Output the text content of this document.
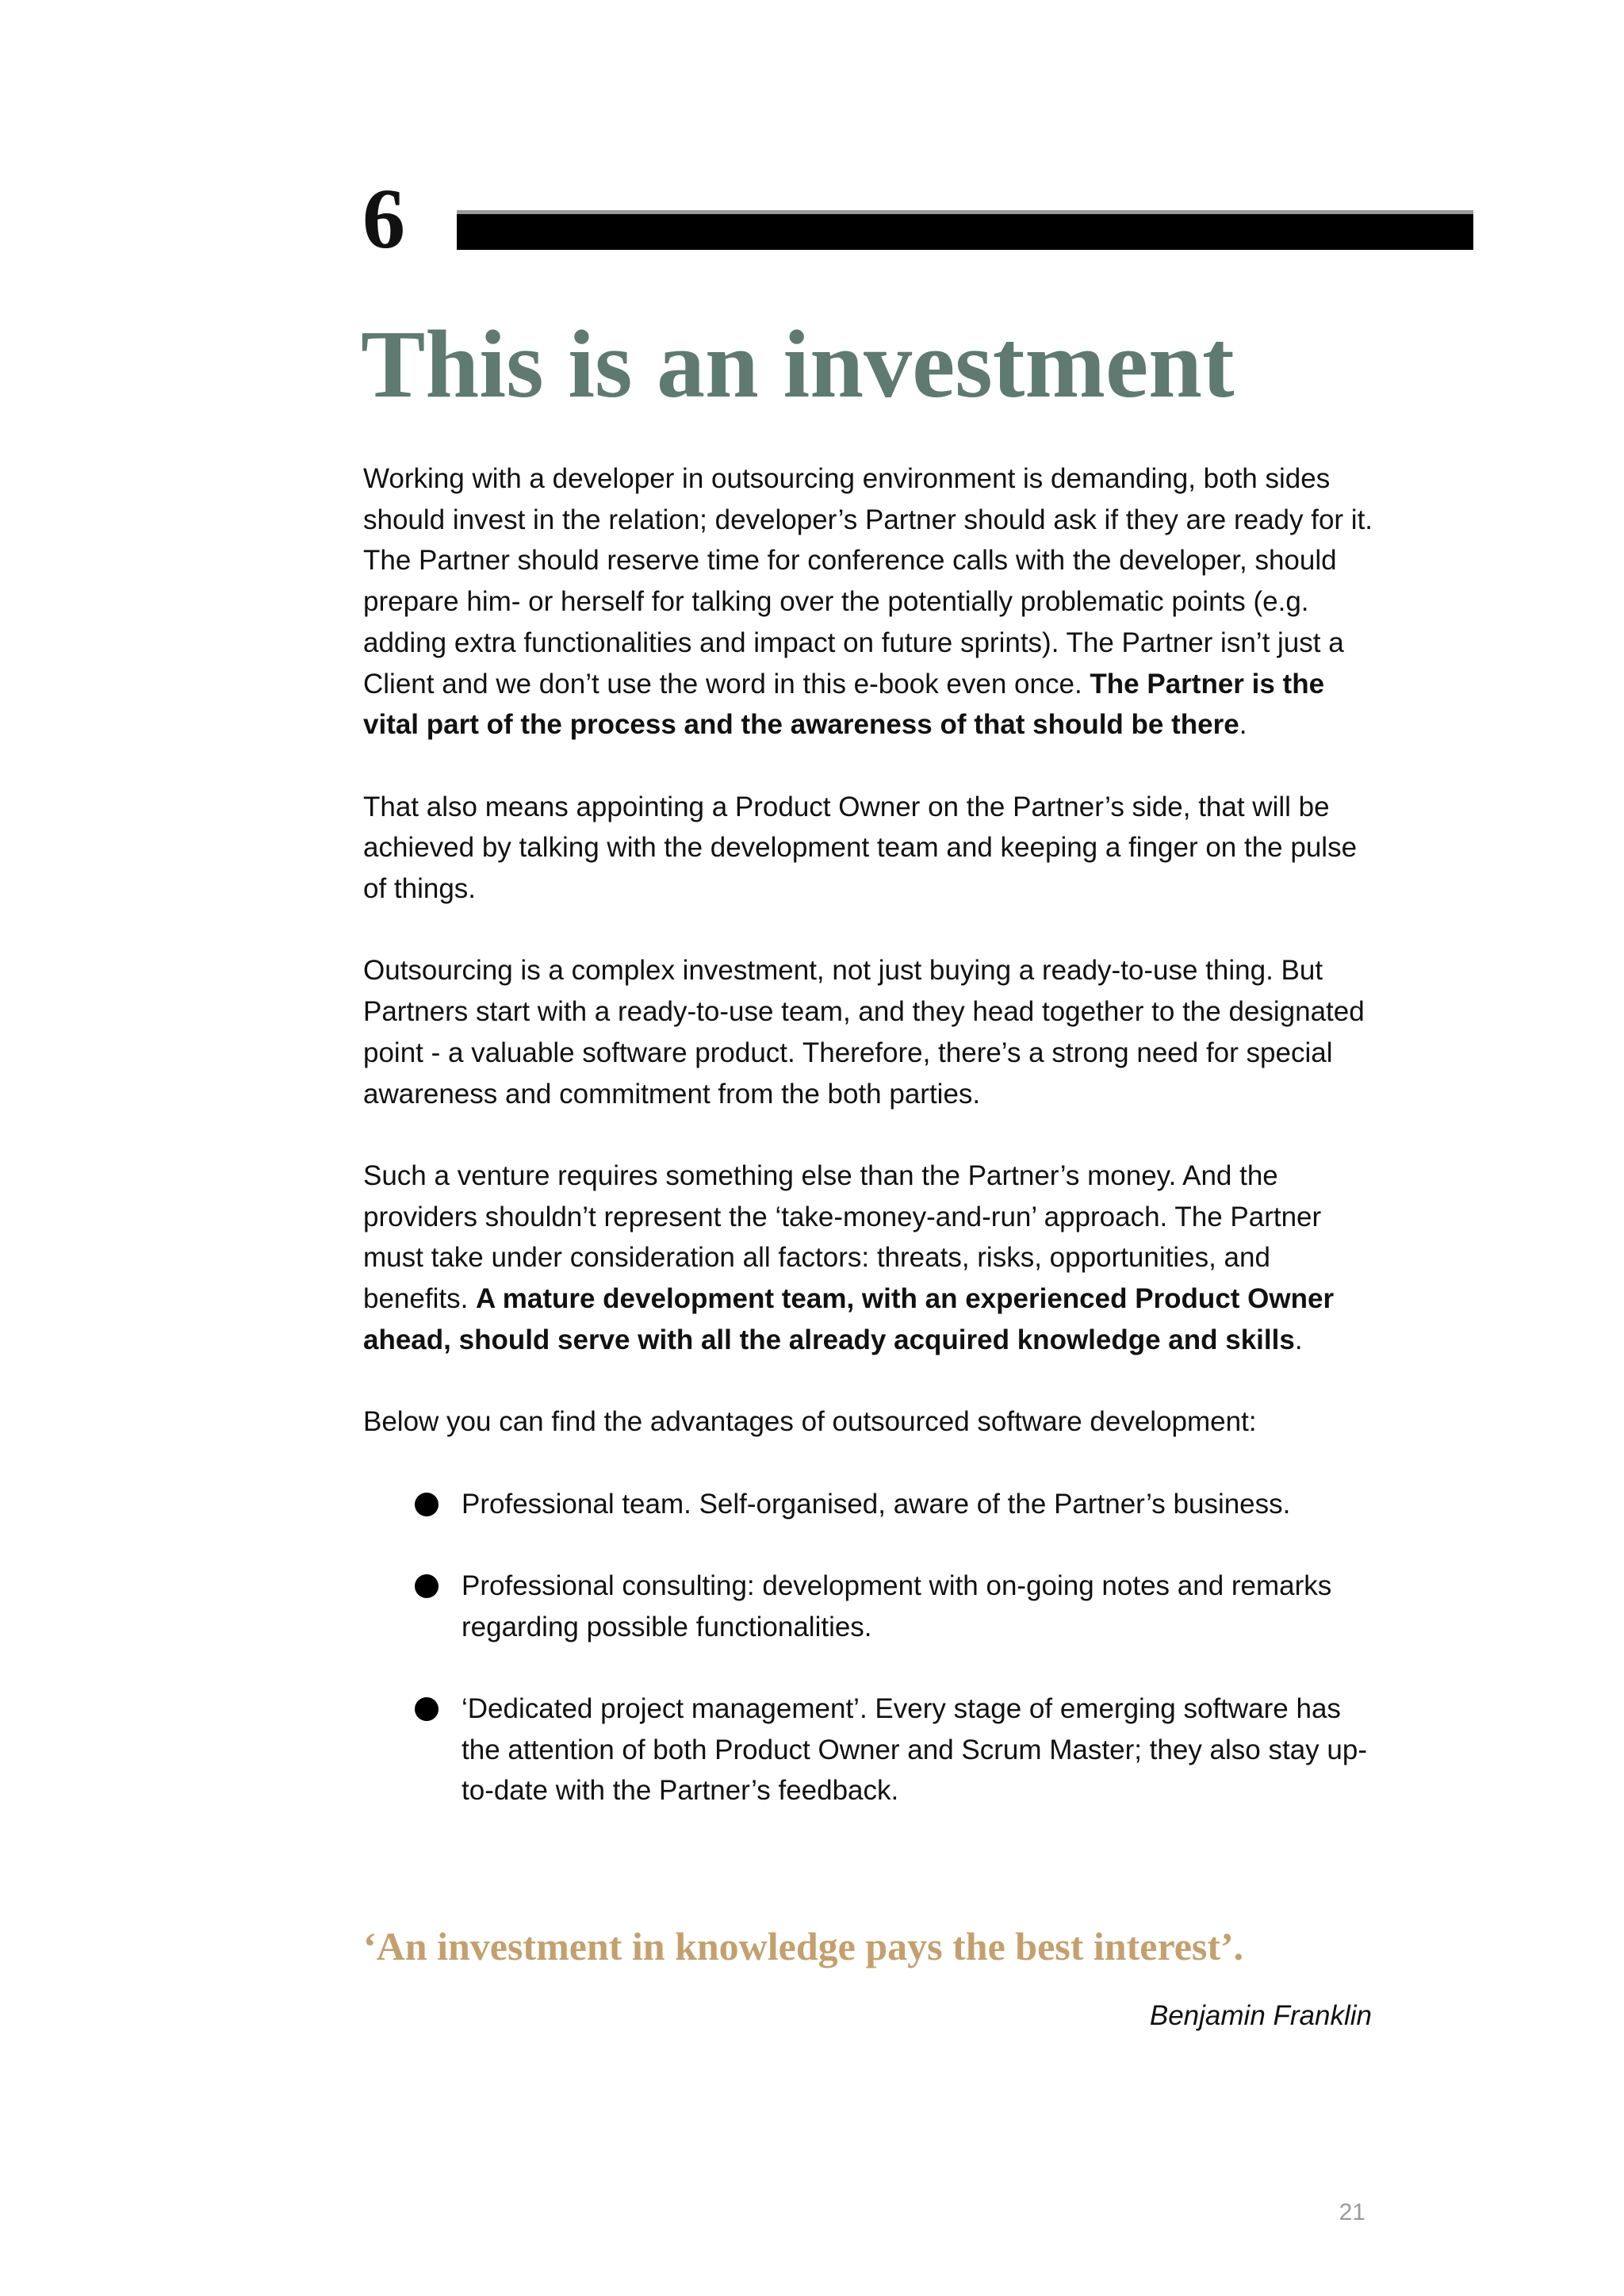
6
This is an investment

Working with a developer in outsourcing environment is demanding, both sides should invest in the relation; developer’s Partner should ask if they are ready for it. The Partner should reserve time for conference calls with the developer, should prepare him- or herself for talking over the potentially problematic points (e.g. adding extra functionalities and impact on future sprints). The Partner isn’t just a Client and we don’t use the word in this e-book even once. The Partner is the vital part of the process and the awareness of that should be there.

That also means appointing a Product Owner on the Partner’s side, that will be achieved by talking with the development team and keeping a finger on the pulse of things.

Outsourcing is a complex investment, not just buying a ready-to-use thing. But Partners start with a ready-to-use team, and they head together to the designated point - a valuable software product. Therefore, there’s a strong need for special awareness and commitment from the both parties.

Such a venture requires something else than the Partner’s money. And the providers shouldn’t represent the ‘take-money-and-run’ approach. The Partner must take under consideration all factors: threats, risks, opportunities, and benefits. A mature development team, with an experienced Product Owner ahead, should serve with all the already acquired knowledge and skills.

Below you can find the advantages of outsourced software development:

Professional team. Self-organised, aware of the Partner’s business.
Professional consulting: development with on-going notes and remarks regarding possible functionalities.
‘Dedicated project management’. Every stage of emerging software has the attention of both Product Owner and Scrum Master; they also stay up-to-date with the Partner’s feedback.

‘An investment in knowledge pays the best interest’.

Benjamin Franklin
21
